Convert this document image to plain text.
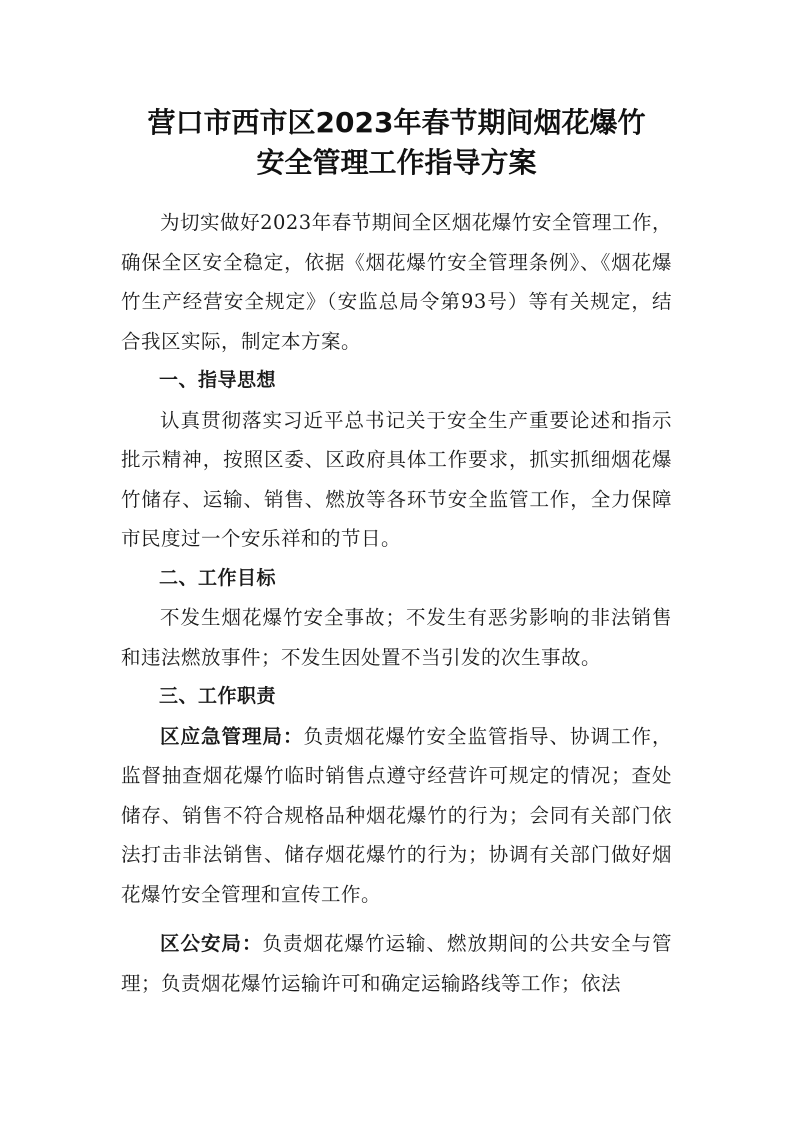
营口市西市区2023年春节期间烟花爆竹
安全管理工作指导方案

为切实做好2023年春节期间全区烟花爆竹安全管理工作，确保全区安全稳定，依据《烟花爆竹安全管理条例》、《烟花爆竹生产经营安全规定》（安监总局令第93号）等有关规定，结合我区实际，制定本方案。

一、指导思想

认真贯彻落实习近平总书记关于安全生产重要论述和指示批示精神，按照区委、区政府具体工作要求，抓实抓细烟花爆竹储存、运输、销售、燃放等各环节安全监管工作，全力保障市民度过一个安乐祥和的节日。

二、工作目标

不发生烟花爆竹安全事故；不发生有恶劣影响的非法销售和违法燃放事件；不发生因处置不当引发的次生事故。

三、工作职责

区应急管理局：负责烟花爆竹安全监管指导、协调工作，监督抽查烟花爆竹临时销售点遵守经营许可规定的情况；查处储存、销售不符合规格品种烟花爆竹的行为；会同有关部门依法打击非法销售、储存烟花爆竹的行为；协调有关部门做好烟花爆竹安全管理和宣传工作。

区公安局：负责烟花爆竹运输、燃放期间的公共安全与管理；负责烟花爆竹运输许可和确定运输路线等工作；依法
